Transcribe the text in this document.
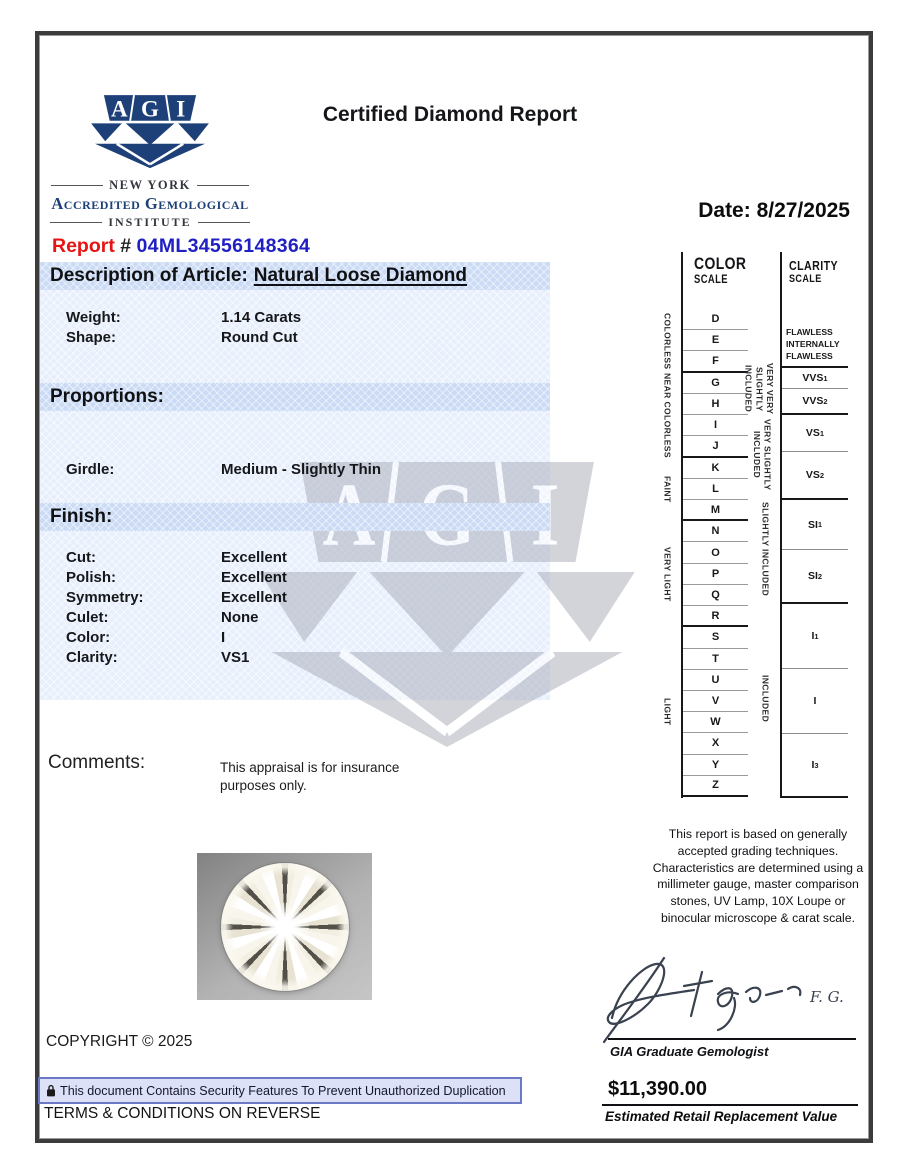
NEW YORK
Accredited Gemological
INSTITUTE
Certified Diamond Report
Date: 8/27/2025
Report # 04ML34556148364
Description of Article: Natural Loose Diamond
Weight:	1.14 Carats
Shape:	Round Cut
Proportions:
Girdle:	Medium - Slightly Thin
Finish:
Cut:	Excellent
Polish:	Excellent
Symmetry:	Excellent
Culet:	None
Color:	I
Clarity:	VS1
Comments:	This appraisal is for insurance purposes only.
COLOR
SCALE
D
E
F
G
H
I
J
K
L
M
N
O
P
Q
R
S
T
U
V
W
X
Y
Z
COLORLESS
NEAR COLORLESS
FAINT
VERY LIGHT
LIGHT
CLARITY
SCALE
FLAWLESS
INTERNALLY FLAWLESS
VVS 1
VVS 2
VS 1
VS 2
SI 1
SI 2
I 1
I
I 3
VERY VERY SLIGHTLY INCLUDED
VERY SLIGHTLY INCLUDED
SLIGHTLY INCLUDED
INCLUDED
This report is based on generally accepted grading techniques. Characteristics are determined using a millimeter gauge, master comparison stones, UV Lamp, 10X Loupe or binocular microscope & carat scale.
F. G.
GIA Graduate Gemologist
$11,390.00
Estimated Retail Replacement Value
COPYRIGHT © 2025
This document Contains Security Features To Prevent Unauthorized Duplication
TERMS & CONDITIONS ON REVERSE
